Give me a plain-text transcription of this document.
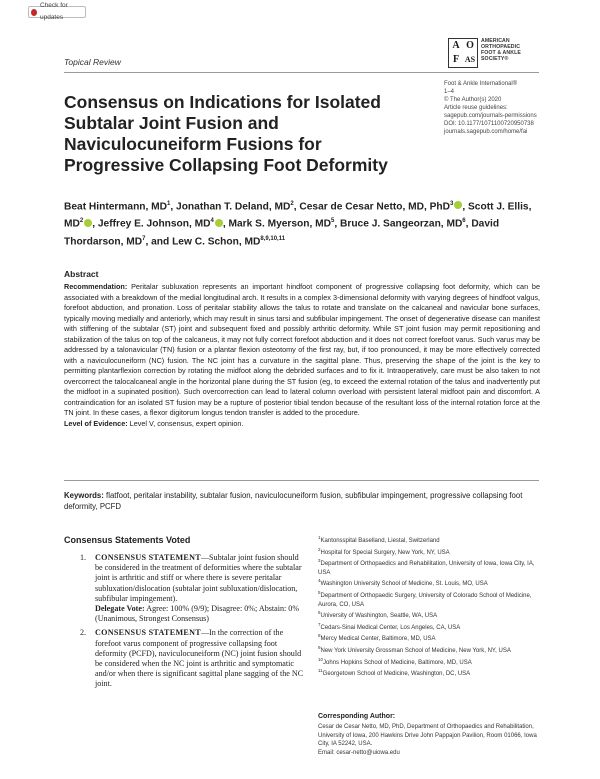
Check for updates
Topical Review
A O
F AS
AMERICAN
ORTHOPAEDIC
FOOT & ANKLE
SOCIETY®
Foot & Ankle International®
1–4
© The Author(s) 2020
Article reuse guidelines:
sagepub.com/journals-permissions
DOI: 10.1177/1071100720950738
journals.sagepub.com/home/fai
Consensus on Indications for Isolated Subtalar Joint Fusion and Naviculocuneiform Fusions for Progressive Collapsing Foot Deformity
Beat Hintermann, $MD^1$, Jonathan T. Deland, $MD^2$, Cesar de Cesar Netto, MD, PhD$^3$ , Scott J. Ellis, $MD^2$ , Jeffrey E. Johnson, $MD^4$ , Mark S. Myerson, $MD^5$, Bruce J. Sangeorzan, $MD^6$, David Thordarson, $MD^7$, and Lew C. Schon, MD$^{8,9,10,11}$
Abstract
Recommendation: Peritalar subluxation represents an important hindfoot component of progressive collapsing foot deformity, which can be associated with a breakdown of the medial longitudinal arch. It results in a complex 3-dimensional deformity with varying degrees of hindfoot valgus, forefoot abduction, and pronation. Loss of peritalar stability allows the talus to rotate and translate on the calcaneal and navicular bone surfaces, typically moving medially and anteriorly, which may result in sinus tarsi and subfibular impingement. The onset of degenerative disease can manifest with stiffening of the subtalar (ST) joint and subsequent fixed and possibly arthritic deformity. While ST joint fusion may permit repositioning and stabilization of the talus on top of the calcaneus, it may not fully correct forefoot abduction and it does not correct forefoot varus. Such varus may be addressed by a talonavicular (TN) fusion or a plantar flexion osteotomy of the first ray, but, if too pronounced, it may be more effectively corrected with a naviculocuneiform (NC) fusion. The NC joint has a curvature in the sagittal plane. Thus, preserving the shape of the joint is the key to permitting plantarflexion correction by rotating the midfoot along the debrided surfaces and to fix it. Intraoperatively, care must be also taken to not overcorrect the talocalcaneal angle in the horizontal plane during the ST fusion (eg, to exceed the external rotation of the talus and inadvertently put the midfoot in a supinated position). Such overcorrection can lead to lateral column overload with persistent lateral midfoot pain and discomfort. A contraindication for an isolated ST fusion may be a rupture of posterior tibial tendon because of the resultant loss of the internal rotation force at the TN joint. In these cases, a flexor digitorum longus tendon transfer is added to the procedure.
Level of Evidence: Level V, consensus, expert opinion.
Keywords: flatfoot, peritalar instability, subtalar fusion, naviculocuneiform fusion, subfibular impingement, progressive collapsing foot deformity, PCFD
Consensus Statements Voted
1.	CONSENSUS STATEMENT—Subtalar joint fusion should be considered in the treatment of deformities where the subtalar joint is arthritic and stiff or where there is severe peritalar subluxation/dislocation (subtalar joint subluxation/dislocation, subfibular impingement).
Delegate Vote: Agree: 100% (9/9); Disagree: 0%; Abstain: 0%
(Unanimous, Strongest Consensus)
2.	CONSENSUS STATEMENT—In the correction of the forefoot varus component of progressive collapsing foot deformity (PCFD), naviculocuneiform (NC) joint fusion should be considered when the NC joint is arthritic and symptomatic and/or when there is significant sagittal plane sagging of the NC joint.
$^1$Kantonsspital Baselland, Liestal, Switzerland
$^2$Hospital for Special Surgery, New York, NY, USA
$^3$Department of Orthopaedics and Rehabilitation, University of Iowa, Iowa City, IA, USA
$^4$Washington University School of Medicine, St. Louis, MO, USA
$^5$Department of Orthopaedic Surgery, University of Colorado School of Medicine, Aurora, CO, USA
$^6$University of Washington, Seattle, WA, USA
$^7$Cedars-Sinai Medical Center, Los Angeles, CA, USA
$^8$Mercy Medical Center, Baltimore, MD, USA
$^9$New York University Grossman School of Medicine, New York, NY, USA
$^{10}$Johns Hopkins School of Medicine, Baltimore, MD, USA
$^{11}$Georgetown School of Medicine, Washington, DC, USA
Corresponding Author:
Cesar de Cesar Netto, MD, PhD, Department of Orthopaedics and Rehabilitation, University of Iowa, 200 Hawkins Drive John Pappajon Pavilion, Room 01066, Iowa City, IA 52242, USA.
Email: cesar-netto@uiowa.edu
